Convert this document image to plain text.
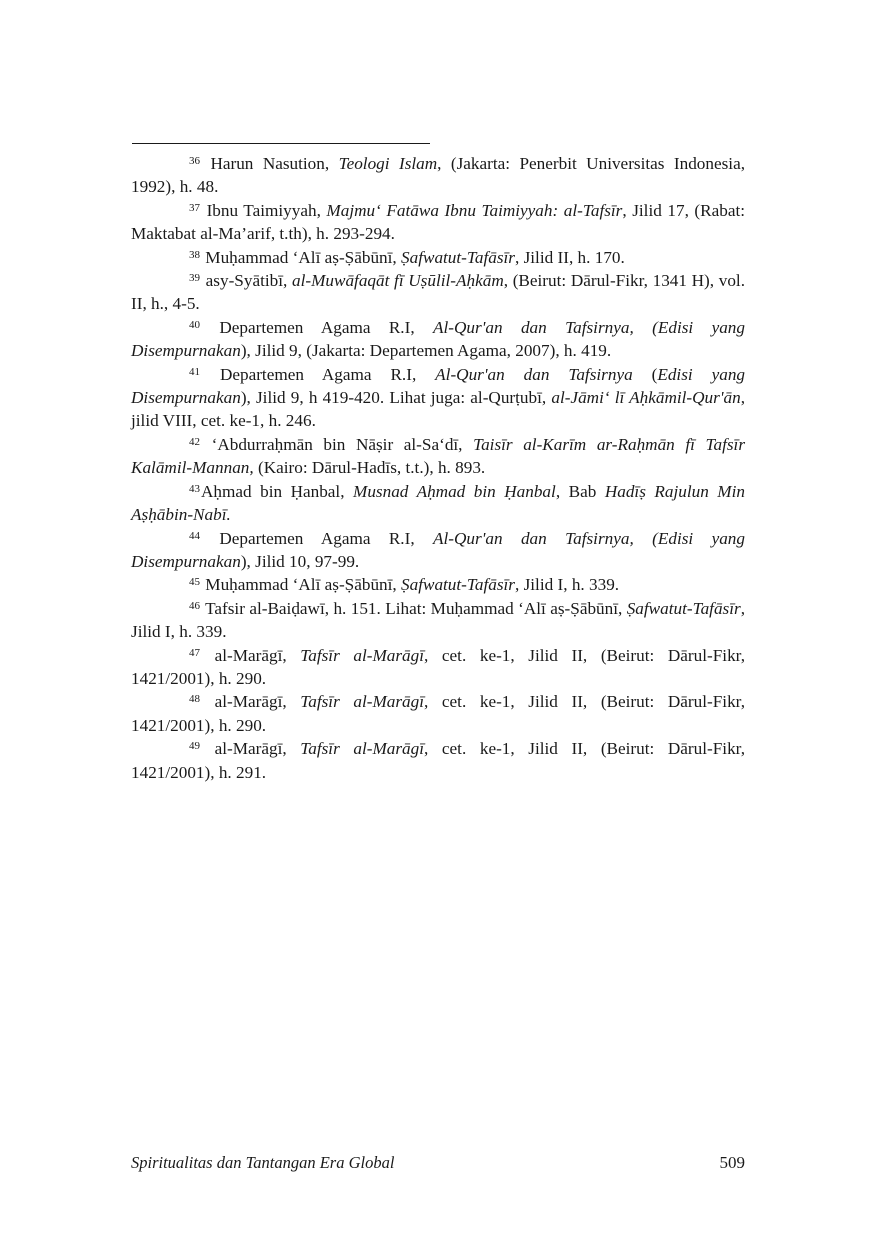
$^{36}$ Harun Nasution, Teologi Islam, (Jakarta: Penerbit Universitas Indonesia, 1992), h. 48.

$^{37}$ Ibnu Taimiyyah, Majmu‘ Fatāwa Ibnu Taimiyyah: al-Tafsīr, Jilid 17, (Rabat: Maktabat al-Ma’arif, t.th), h. 293-294.

$^{38}$ Muḥammad ‘Alī aṣ-Ṣābūnī, Ṣafwatut-Tafāsīr, Jilid II, h. 170.

$^{39}$ asy-Syātibī, al-Muwāfaqāt fī Uṣūlil-Aḥkām, (Beirut: Dārul-Fikr, 1341 H), vol. II, h., 4-5.

$^{40}$ Departemen Agama R.I, Al-Qur'an dan Tafsirnya, (Edisi yang Disempurnakan), Jilid 9, (Jakarta: Departemen Agama, 2007), h. 419.

$^{41}$ Departemen Agama R.I, Al-Qur'an dan Tafsirnya (Edisi yang Disempurnakan), Jilid 9, h 419-420. Lihat juga: al-Qurṭubī, al-Jāmi‘ lī Aḥkāmil-Qur'ān, jilid VIII, cet. ke-1, h. 246.

$^{42}$ ‘Abdurraḥmān bin Nāṣir al-Sa‘dī, Taisīr al-Karīm ar-Raḥmān fī Tafsīr Kalāmil-Mannan, (Kairo: Dārul-Hadīs, t.t.), h. 893.

$^{43}$Aḥmad bin Ḥanbal, Musnad Aḥmad bin Ḥanbal, Bab Hadīṣ Rajulun Min Aṣḥābin-Nabī.

$^{44}$ Departemen Agama R.I, Al-Qur'an dan Tafsirnya, (Edisi yang Disempurnakan), Jilid 10, 97-99.

$^{45}$ Muḥammad ‘Alī aṣ-Ṣābūnī, Ṣafwatut-Tafāsīr, Jilid I, h. 339.

$^{46}$ Tafsir al-Baiḍawī, h. 151. Lihat: Muḥammad ‘Alī aṣ-Ṣābūnī, Ṣafwatut-Tafāsīr, Jilid I, h. 339.

$^{47}$ al-Marāgī, Tafsīr al-Marāgī, cet. ke-1, Jilid II, (Beirut: Dārul-Fikr, 1421/2001), h. 290.

$^{48}$ al-Marāgī, Tafsīr al-Marāgī, cet. ke-1, Jilid II, (Beirut: Dārul-Fikr, 1421/2001), h. 290.

$^{49}$ al-Marāgī, Tafsīr al-Marāgī, cet. ke-1, Jilid II, (Beirut: Dārul-Fikr, 1421/2001), h. 291.

Spiritualitas dan Tantangan Era Global	509
